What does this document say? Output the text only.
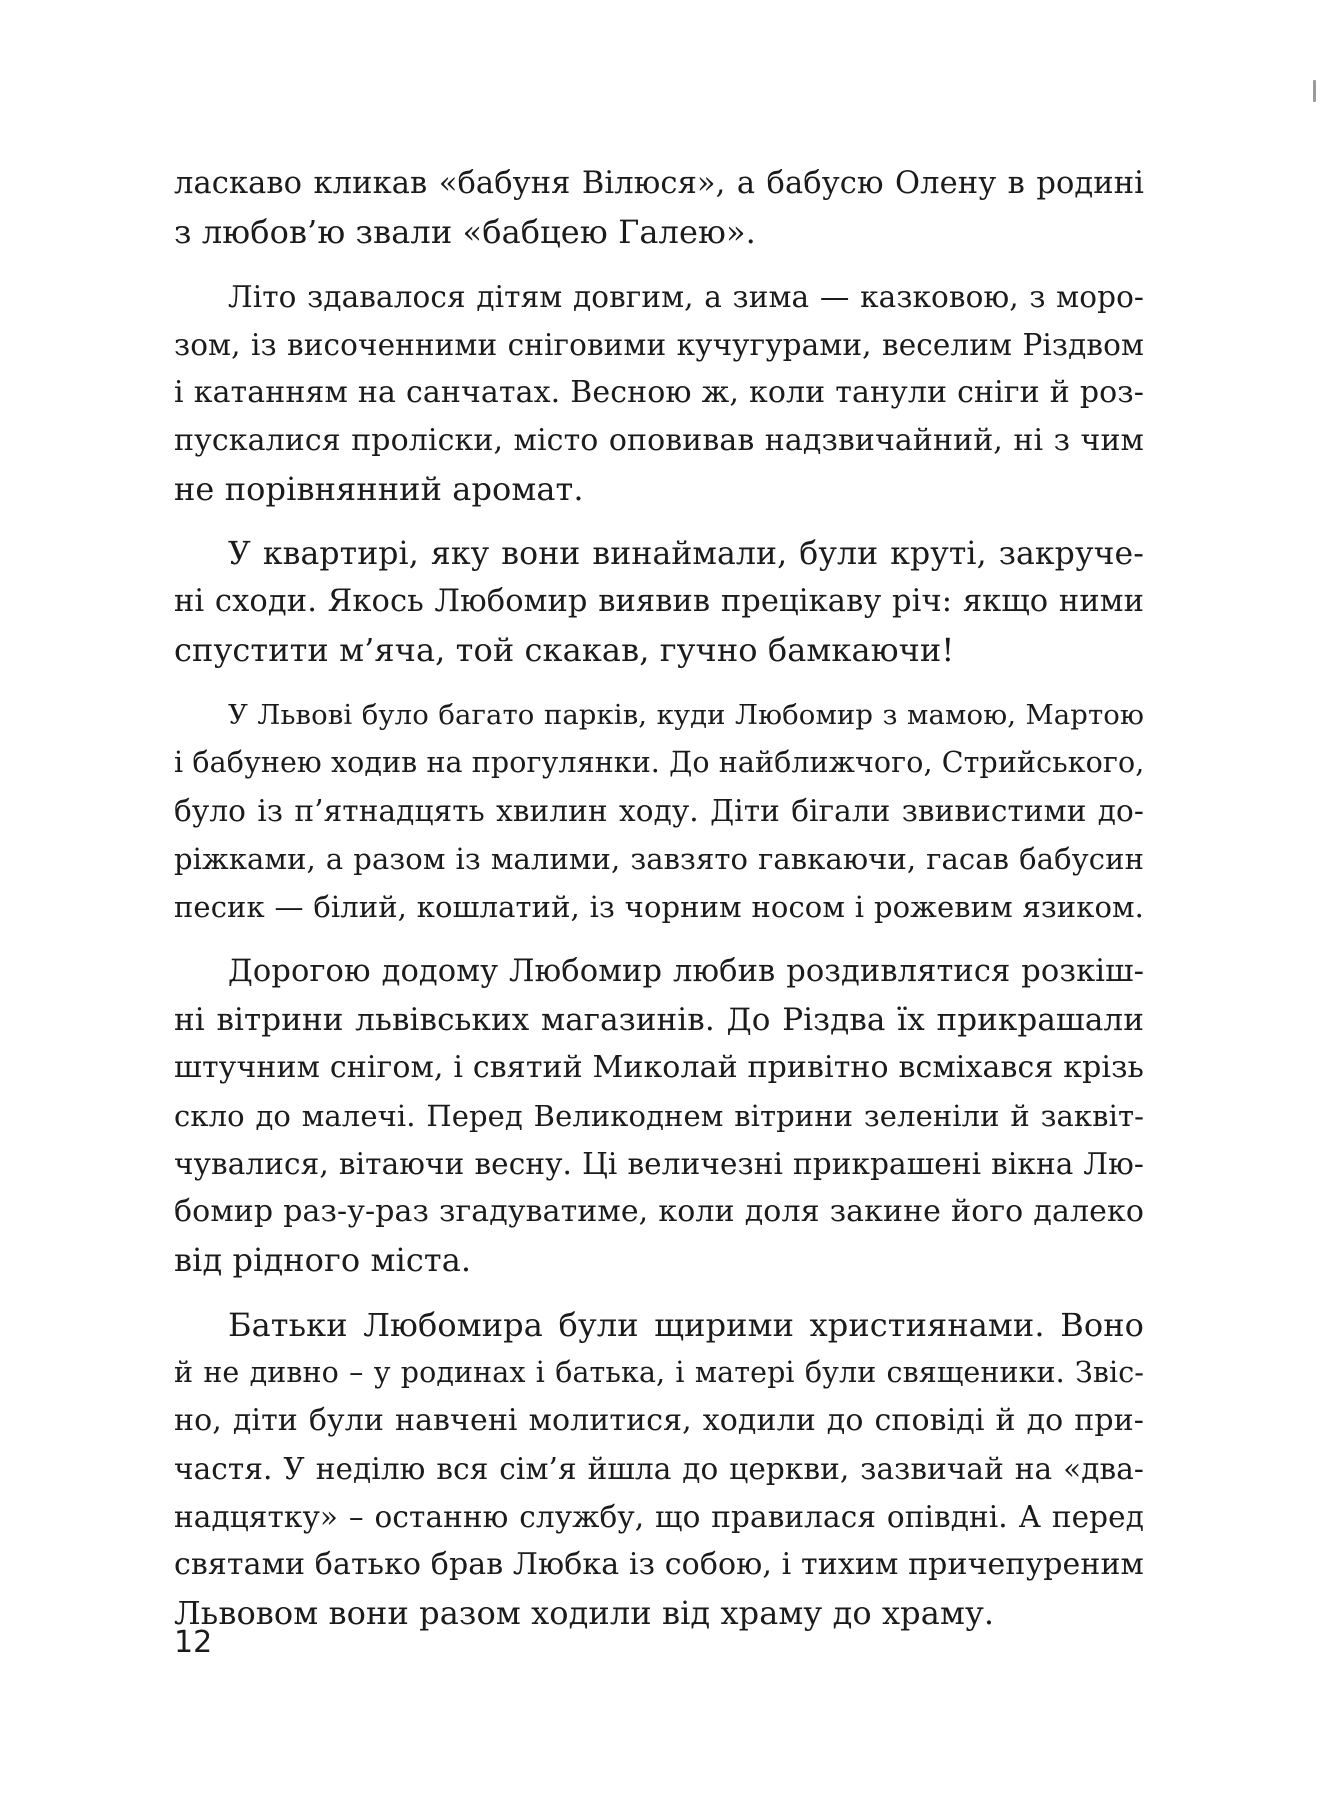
ласкаво кликав «бабуня Вілюся», а бабусю Олену в родині
з любов’ю звали «бабцею Галею».

Літо здавалося дітям довгим, а зима — казковою, з моро-
зом, із височенними сніговими кучугурами, веселим Різдвом
і катанням на санчатах. Весною ж, коли танули сніги й роз-
пускалися проліски, місто оповивав надзвичайний, ні з чим
не порівнянний аромат.

У квартирі, яку вони винаймали, були круті, закруче-
ні сходи. Якось Любомир виявив прецікаву річ: якщо ними
спустити м’яча, той скакав, гучно бамкаючи!

У Львові було багато парків, куди Любомир з мамою, Мартою
і бабунею ходив на прогулянки. До найближчого, Стрийського,
було із п’ятнадцять хвилин ходу. Діти бігали звивистими до-
ріжками, а разом із малими, завзято гавкаючи, гасав бабусин
песик — білий, кошлатий, із чорним носом і рожевим язиком.

Дорогою додому Любомир любив роздивлятися розкіш-
ні вітрини львівських магазинів. До Різдва їх прикрашали
штучним снігом, і святий Миколай привітно всміхався крізь
скло до малечі. Перед Великоднем вітрини зеленіли й заквіт-
чувалися, вітаючи весну. Ці величезні прикрашені вікна Лю-
бомир раз-у-раз згадуватиме, коли доля закине його далеко
від рідного міста.

Батьки Любомира були щирими християнами. Воно
й не дивно – у родинах і батька, і матері були священики. Звіс-
но, діти були навчені молитися, ходили до сповіді й до при-
частя. У неділю вся сім’я йшла до церкви, зазвичай на «два-
надцятку» – останню службу, що правилася опівдні. А перед
святами батько брав Любка із собою, і тихим причепуреним
Львовом вони разом ходили від храму до храму.

12
